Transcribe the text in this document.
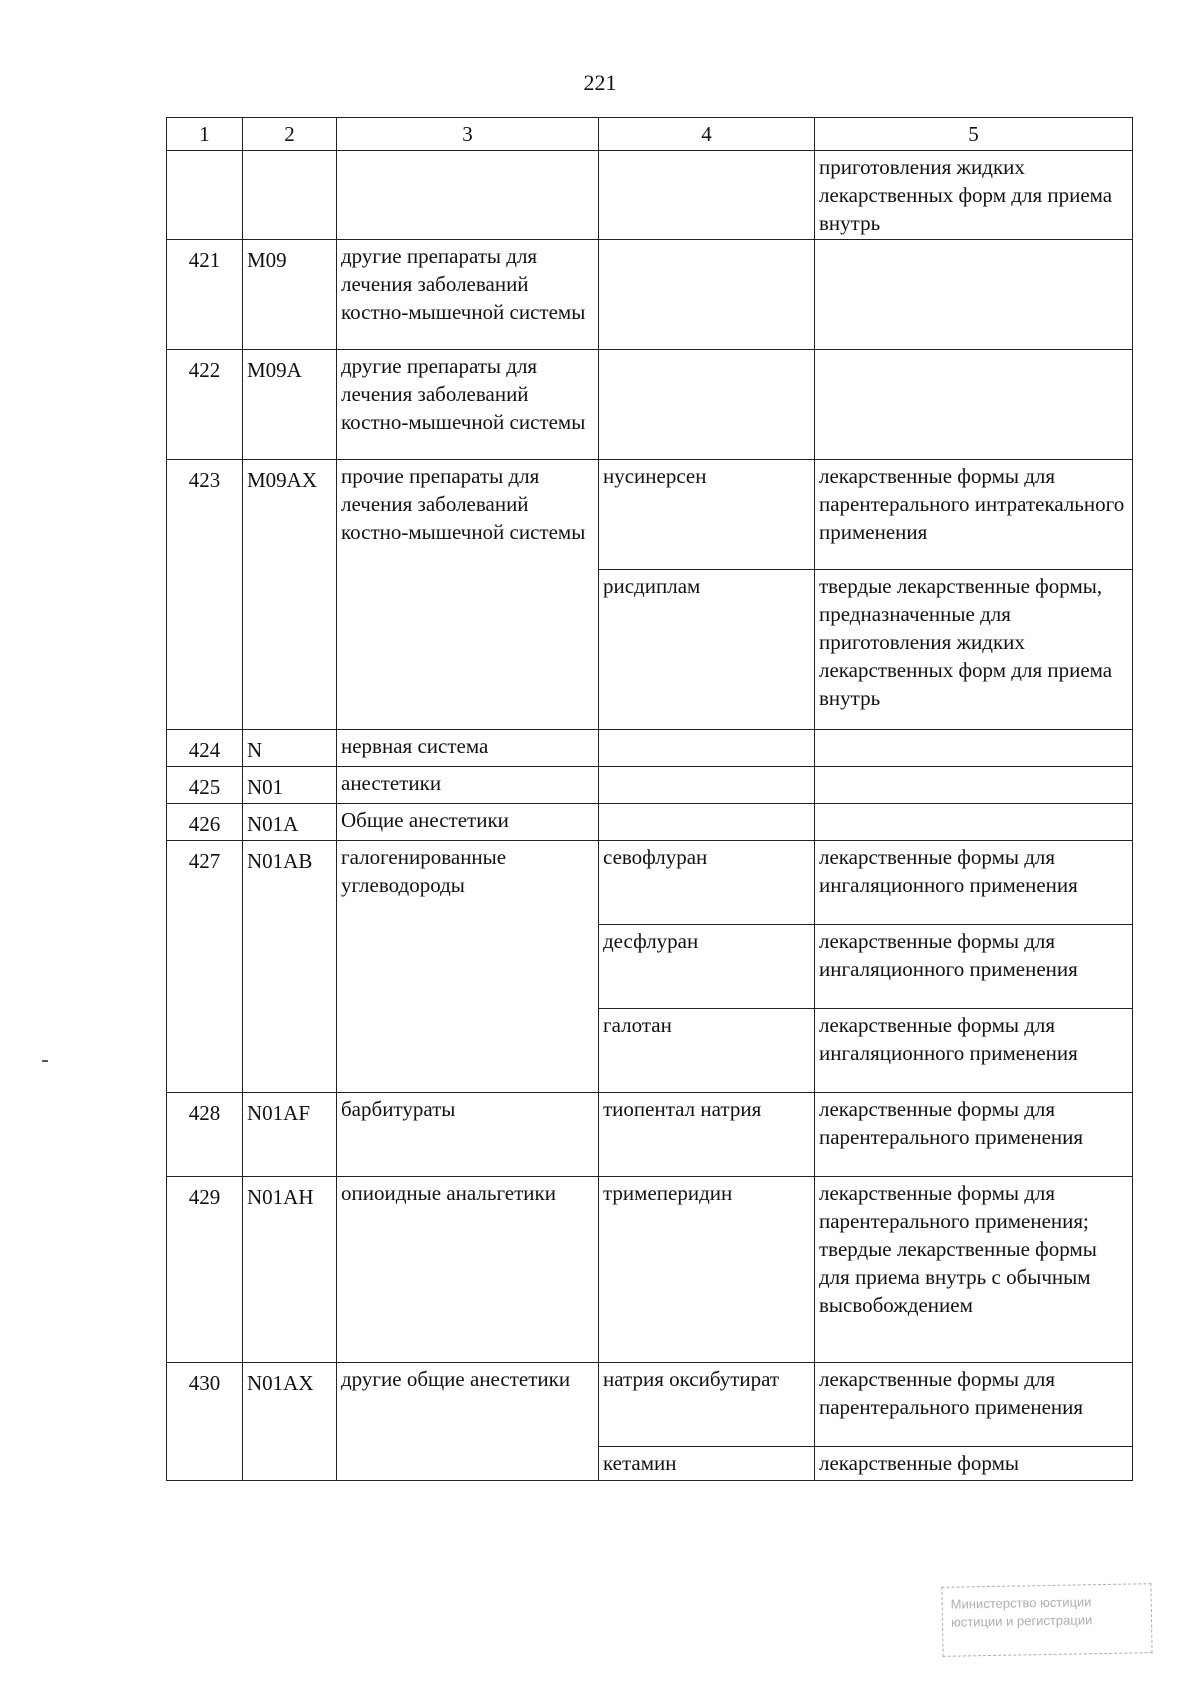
221
1	2	3	4	5
				приготовления жидких лекарственных форм для приема внутрь
421	M09	другие препараты для лечения заболеваний костно-мышечной системы		
422	M09A	другие препараты для лечения заболеваний костно-мышечной системы		
423	M09AX	прочие препараты для лечения заболеваний костно-мышечной системы	нусинерсен	лекарственные формы для парентерального интратекального применения
			рисдиплам	твердые лекарственные формы, предназначенные для приготовления жидких лекарственных форм для приема внутрь
424	N	нервная система		
425	N01	анестетики		
426	N01A	Общие анестетики		
427	N01AB	галогенированные углеводороды	севофлуран	лекарственные формы для ингаляционного применения
			десфлуран	лекарственные формы для ингаляционного применения
			галотан	лекарственные формы для ингаляционного применения
428	N01AF	барбитураты	тиопентал натрия	лекарственные формы для парентерального применения
429	N01AH	опиоидные анальгетики	тримеперидин	лекарственные формы для парентерального применения; твердые лекарственные формы для приема внутрь с обычным высвобождением
430	N01AX	другие общие анестетики	натрия оксибутират	лекарственные формы для парентерального применения
			кетамин	лекарственные формы
Министерство юстиции
юстиции и регистрации
